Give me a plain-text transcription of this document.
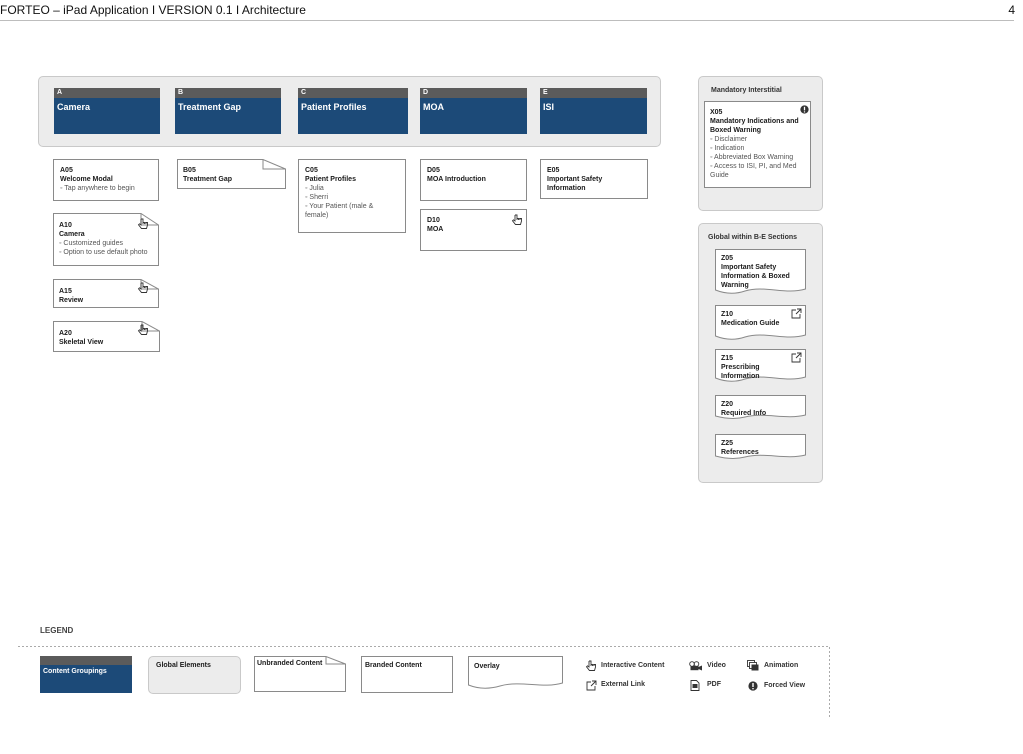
FORTEO – iPad Application I VERSION 0.1 I Architecture	4
A
Camera
B
Treatment Gap
C
Patient Profiles
D
MOA
E
ISI
A05
Welcome Modal
◦ Tap anywhere to begin
A10
Camera
◦ Customized guides
◦ Option to use default photo
A15
Review
A20
Skeletal View
B05
Treatment Gap
C05
Patient Profiles
◦ Julia
◦ Sherri
◦ Your Patient (male &
female)
D05
MOA Introduction
D10
MOA
E05
Important Safety
Information
Mandatory Interstitial
X05
Mandatory Indications and
Boxed Warning
◦ Disclaimer
◦ Indication
◦ Abbreviated Box Warning
◦ Access to ISI, PI, and Med
Guide
Global within B-E Sections
Z05
Important Safety
Information & Boxed
Warning
Z10
Medication Guide
Z15
Prescribing
Information
Z20
Required Info
Z25
References
LEGEND
Content Groupings
Global Elements	Unbranded Content	Branded Content	Overlay	Interactive Content
External Link
Video
PDF
Animation
Forced View
